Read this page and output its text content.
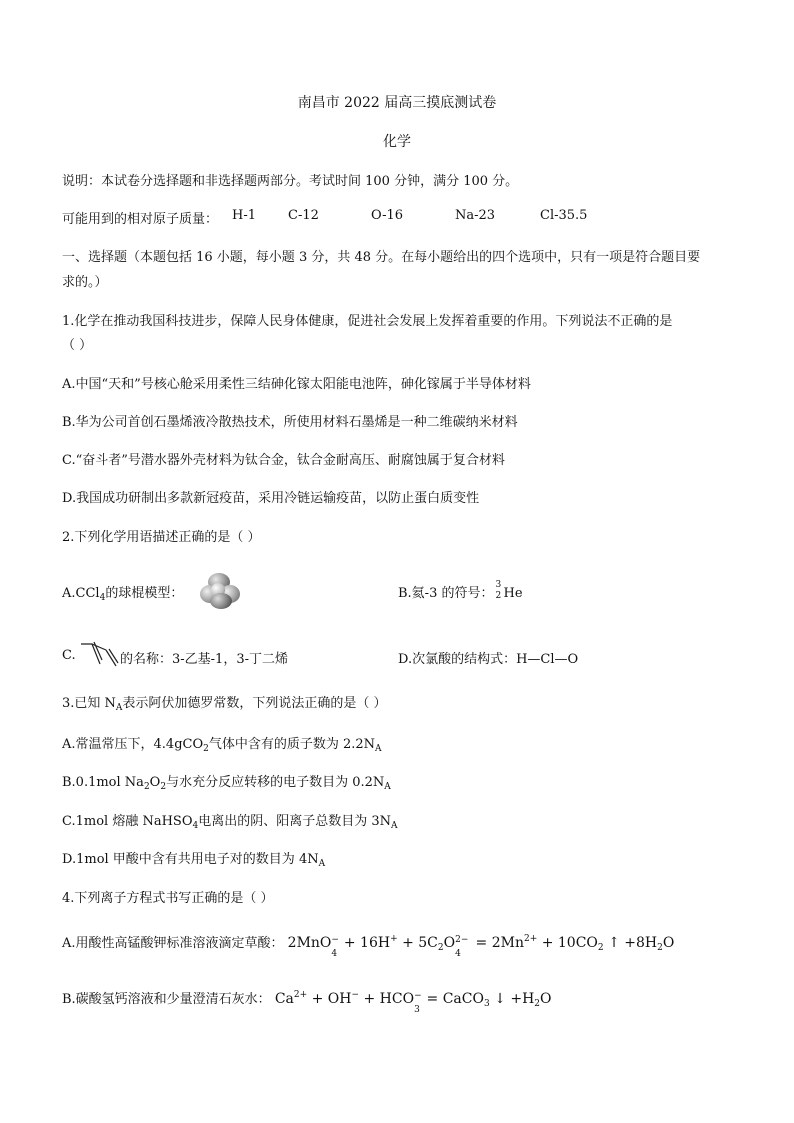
南昌市 2022 届高三摸底测试卷
化学
说明：本试卷分选择题和非选择题两部分。考试时间 100 分钟，满分 100 分。
可能用到的相对原子质量： H-1 C-12	O-16	Na-23	Cl-35.5
一、选择题（本题包括 16 小题，每小题 3 分，共 48 分。在每小题给出的四个选项中，只有一项是符合题目要
求的。）
1.化学在推动我国科技进步，保障人民身体健康，促进社会发展上发挥着重要的作用。下列说法不正确的是
（ ）
A.中国“天和”号核心舱采用柔性三结砷化镓太阳能电池阵，砷化镓属于半导体材料
B.华为公司首创石墨烯液冷散热技术，所使用材料石墨烯是一种二维碳纳米材料
C.“奋斗者”号潜水器外壳材料为钛合金，钛合金耐高压、耐腐蚀属于复合材料
D.我国成功研制出多款新冠疫苗，采用冷链运输疫苗，以防止蛋白质变性
2.下列化学用语描述正确的是（ ）
A.CCl$_4$的球棍模型：	B.氦-3 的符号：
3
2 He
C.	的名称：3-乙基-1，3-丁二烯	D.次氯酸的结构式：H—Cl—O
3.已知 $N_A$表示阿伏加德罗常数，下列说法正确的是（ ）
A.常温常压下，4.4gCO$_2$气体中含有的质子数为 $2.2N_A$
B.0.1mol $Na_2O_2$与水充分反应转移的电子数目为 $0.2N_A$
C.1mol 熔融 NaHSO$_4$电离出的阴、阳离子总数目为 $3N_A$
D.1mol 甲酸中含有共用电子对的数目为 $4N_A$
4.下列离子方程式书写正确的是（ ）
A.用酸性高锰酸钾标准溶液滴定草酸： 2MnO −
4
+ $16H^+ + 5C_2O$ 2−
4
= $2Mn^{2+} + 10CO_2$ ↑ $+8H_2O$
B.碳酸氢钙溶液和少量澄清石灰水： $Ca^{2+} + OH^-$ + HCO −
3
= CaCO$_3$ ↓ $+H_2O$
